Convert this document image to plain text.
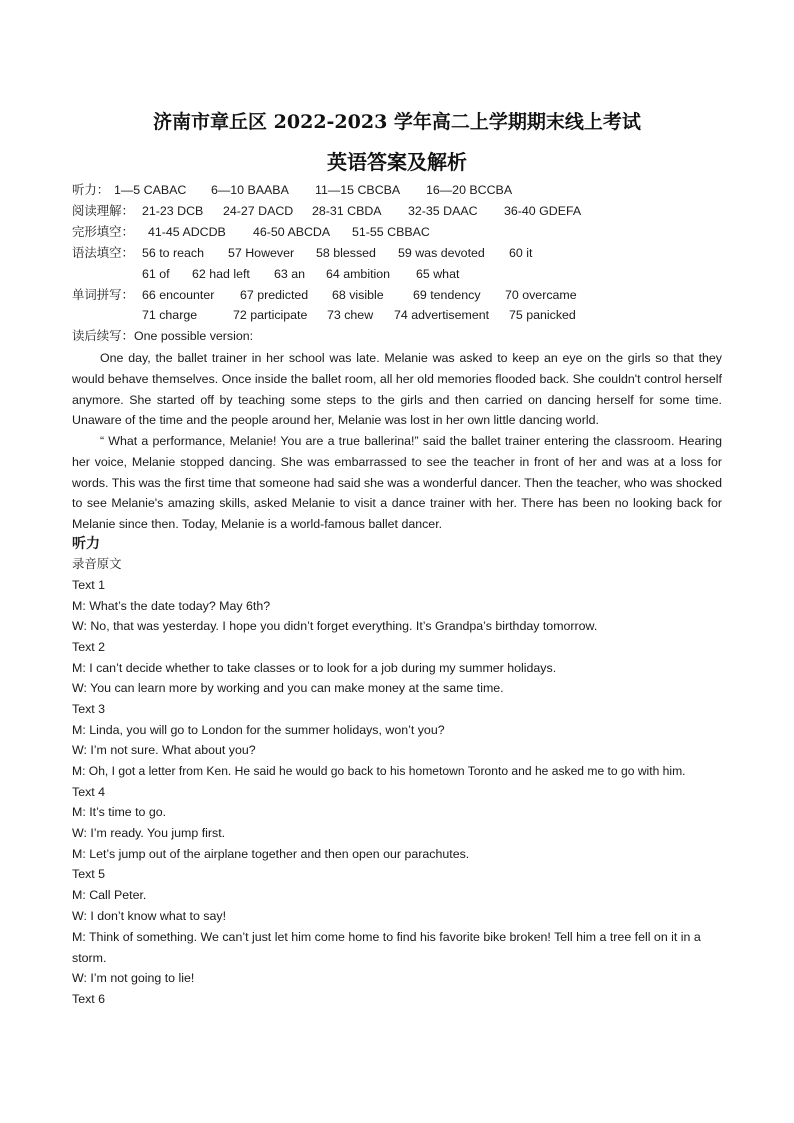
济南市章丘区 2022-2023 学年高二上学期期末线上考试
英语答案及解析
听力： 1—5 CABAC 6—10 BAABA 11—15 CBCBA 16—20 BCCBA
阅读理解： 21-23 DCB 24-27 DACD 28-31 CBDA 32-35 DAAC 36-40 GDEFA
完形填空： 41-45 ADCDB 46-50 ABCDA 51-55 CBBAC
语法填空： 56 to reach 57 However 58 blessed 59 was devoted 60 it
61 of 62 had left 63 an 64 ambition 65 what
单词拼写： 66 encounter 67 predicted 68 visible 69 tendency 70 overcame
71 charge	72 participate 73 chew 74 advertisement 75 panicked
读后续写：One possible version:

One day, the ballet trainer in her school was late. Melanie was asked to keep an eye on the girls so that they would behave themselves. Once inside the ballet room, all her old memories flooded back. She couldn't control herself anymore. She started off by teaching some steps to the girls and then carried on dancing herself for some time. Unaware of the time and the people around her, Melanie was lost in her own little dancing world.

“ What a performance, Melanie! You are a true ballerina!” said the ballet trainer entering the classroom. Hearing her voice, Melanie stopped dancing. She was embarrassed to see the teacher in front of her and was at a loss for words. This was the first time that someone had said she was a wonderful dancer. Then the teacher, who was shocked to see Melanie's amazing skills, asked Melanie to visit a dance trainer with her. There has been no looking back for Melanie since then. Today, Melanie is a world-famous ballet dancer.

听力
录音原文
Text 1
M: What’s the date today? May 6th?
W: No, that was yesterday. I hope you didn’t forget everything. It’s Grandpa’s birthday tomorrow.
Text 2
M: I can’t decide whether to take classes or to look for a job during my summer holidays.
W: You can learn more by working and you can make money at the same time.
Text 3
M: Linda, you will go to London for the summer holidays, won’t you?
W: I’m not sure. What about you?
M: Oh, I got a letter from Ken. He said he would go back to his hometown Toronto and he asked me to go with him.
Text 4
M: It’s time to go.
W: I’m ready. You jump first.
M: Let’s jump out of the airplane together and then open our parachutes.
Text 5
M: Call Peter.
W: I don’t know what to say!
M: Think of something. We can’t just let him come home to find his favorite bike broken! Tell him a tree fell on it in a storm.
W: I’m not going to lie!
Text 6
